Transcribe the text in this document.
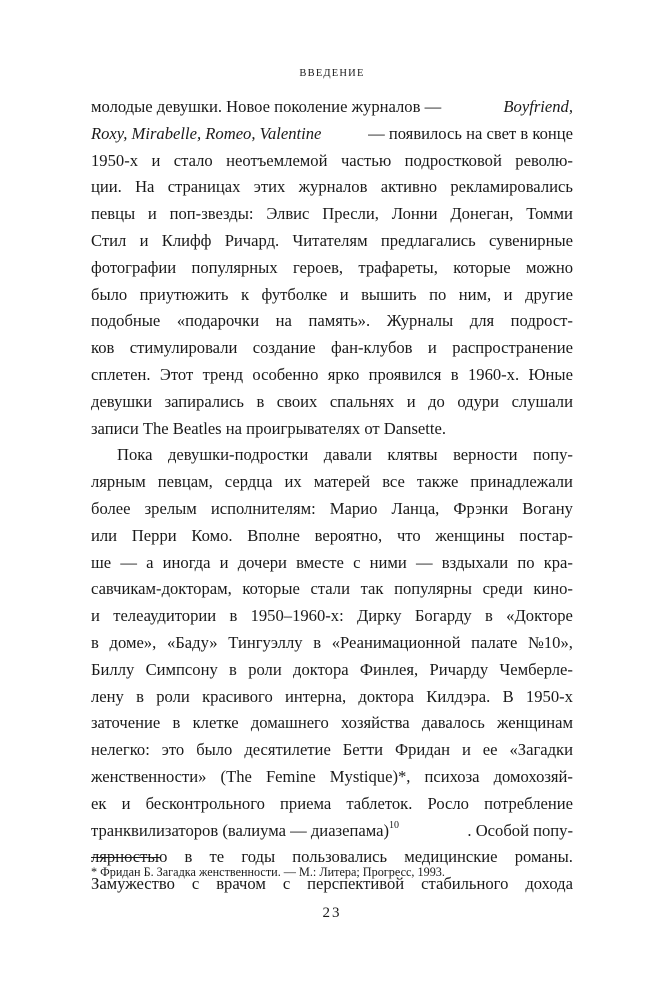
ВВЕДЕНИЕ
молодые девушки. Новое поколение журналов —	Boyfriend,
Roxy, Mirabelle, Romeo, Valentine	— появилось на свет в конце
1950-х и стало неотъемлемой частью подростковой револю-
ции. На страницах этих журналов активно рекламировались
певцы и поп-звезды: Элвис Пресли, Лонни Донеган, Томми
Стил и Клифф Ричард. Читателям предлагались сувенирные
фотографии популярных героев, трафареты, которые можно
было приутюжить к футболке и вышить по ним, и другие
подобные «подарочки на память». Журналы для подрост-
ков стимулировали создание фан-клубов и распространение
сплетен. Этот тренд особенно ярко проявился в 1960-х. Юные
девушки запирались в своих спальнях и до одури слушали
записи The Beatles на проигрывателях от Dansette.
Пока девушки-подростки давали клятвы верности попу-
лярным певцам, сердца их матерей все также принадлежали
более зрелым исполнителям: Марио Ланца, Фрэнки Вогану
или Перри Комо. Вполне вероятно, что женщины постар-
ше — а иногда и дочери вместе с ними — вздыхали по кра-
савчикам-докторам, которые стали так популярны среди кино-
и телеаудитории в 1950–1960-х: Дирку Богарду в «Докторе
в доме», «Баду» Тингуэллу в «Реанимационной палате №10»,
Биллу Симпсону в роли доктора Финлея, Ричарду Чемберле-
лену в роли красивого интерна, доктора Килдэра. В 1950-х
заточение в клетке домашнего хозяйства давалось женщинам
нелегко: это было десятилетие Бетти Фридан и ее «Загадки
женственности» (The Femine Mystique)*, психоза домохозяй-
ек и бесконтрольного приема таблеток. Росло потребление
транквилизаторов (валиума — диазепама)$^{10}$	. Особой попу-
лярностью в те годы пользовались медицинские романы.
Замужество с врачом с перспективой стабильного дохода
* Фридан Б. Загадка женственности. — М.: Литера; Прогресс, 1993.
23
